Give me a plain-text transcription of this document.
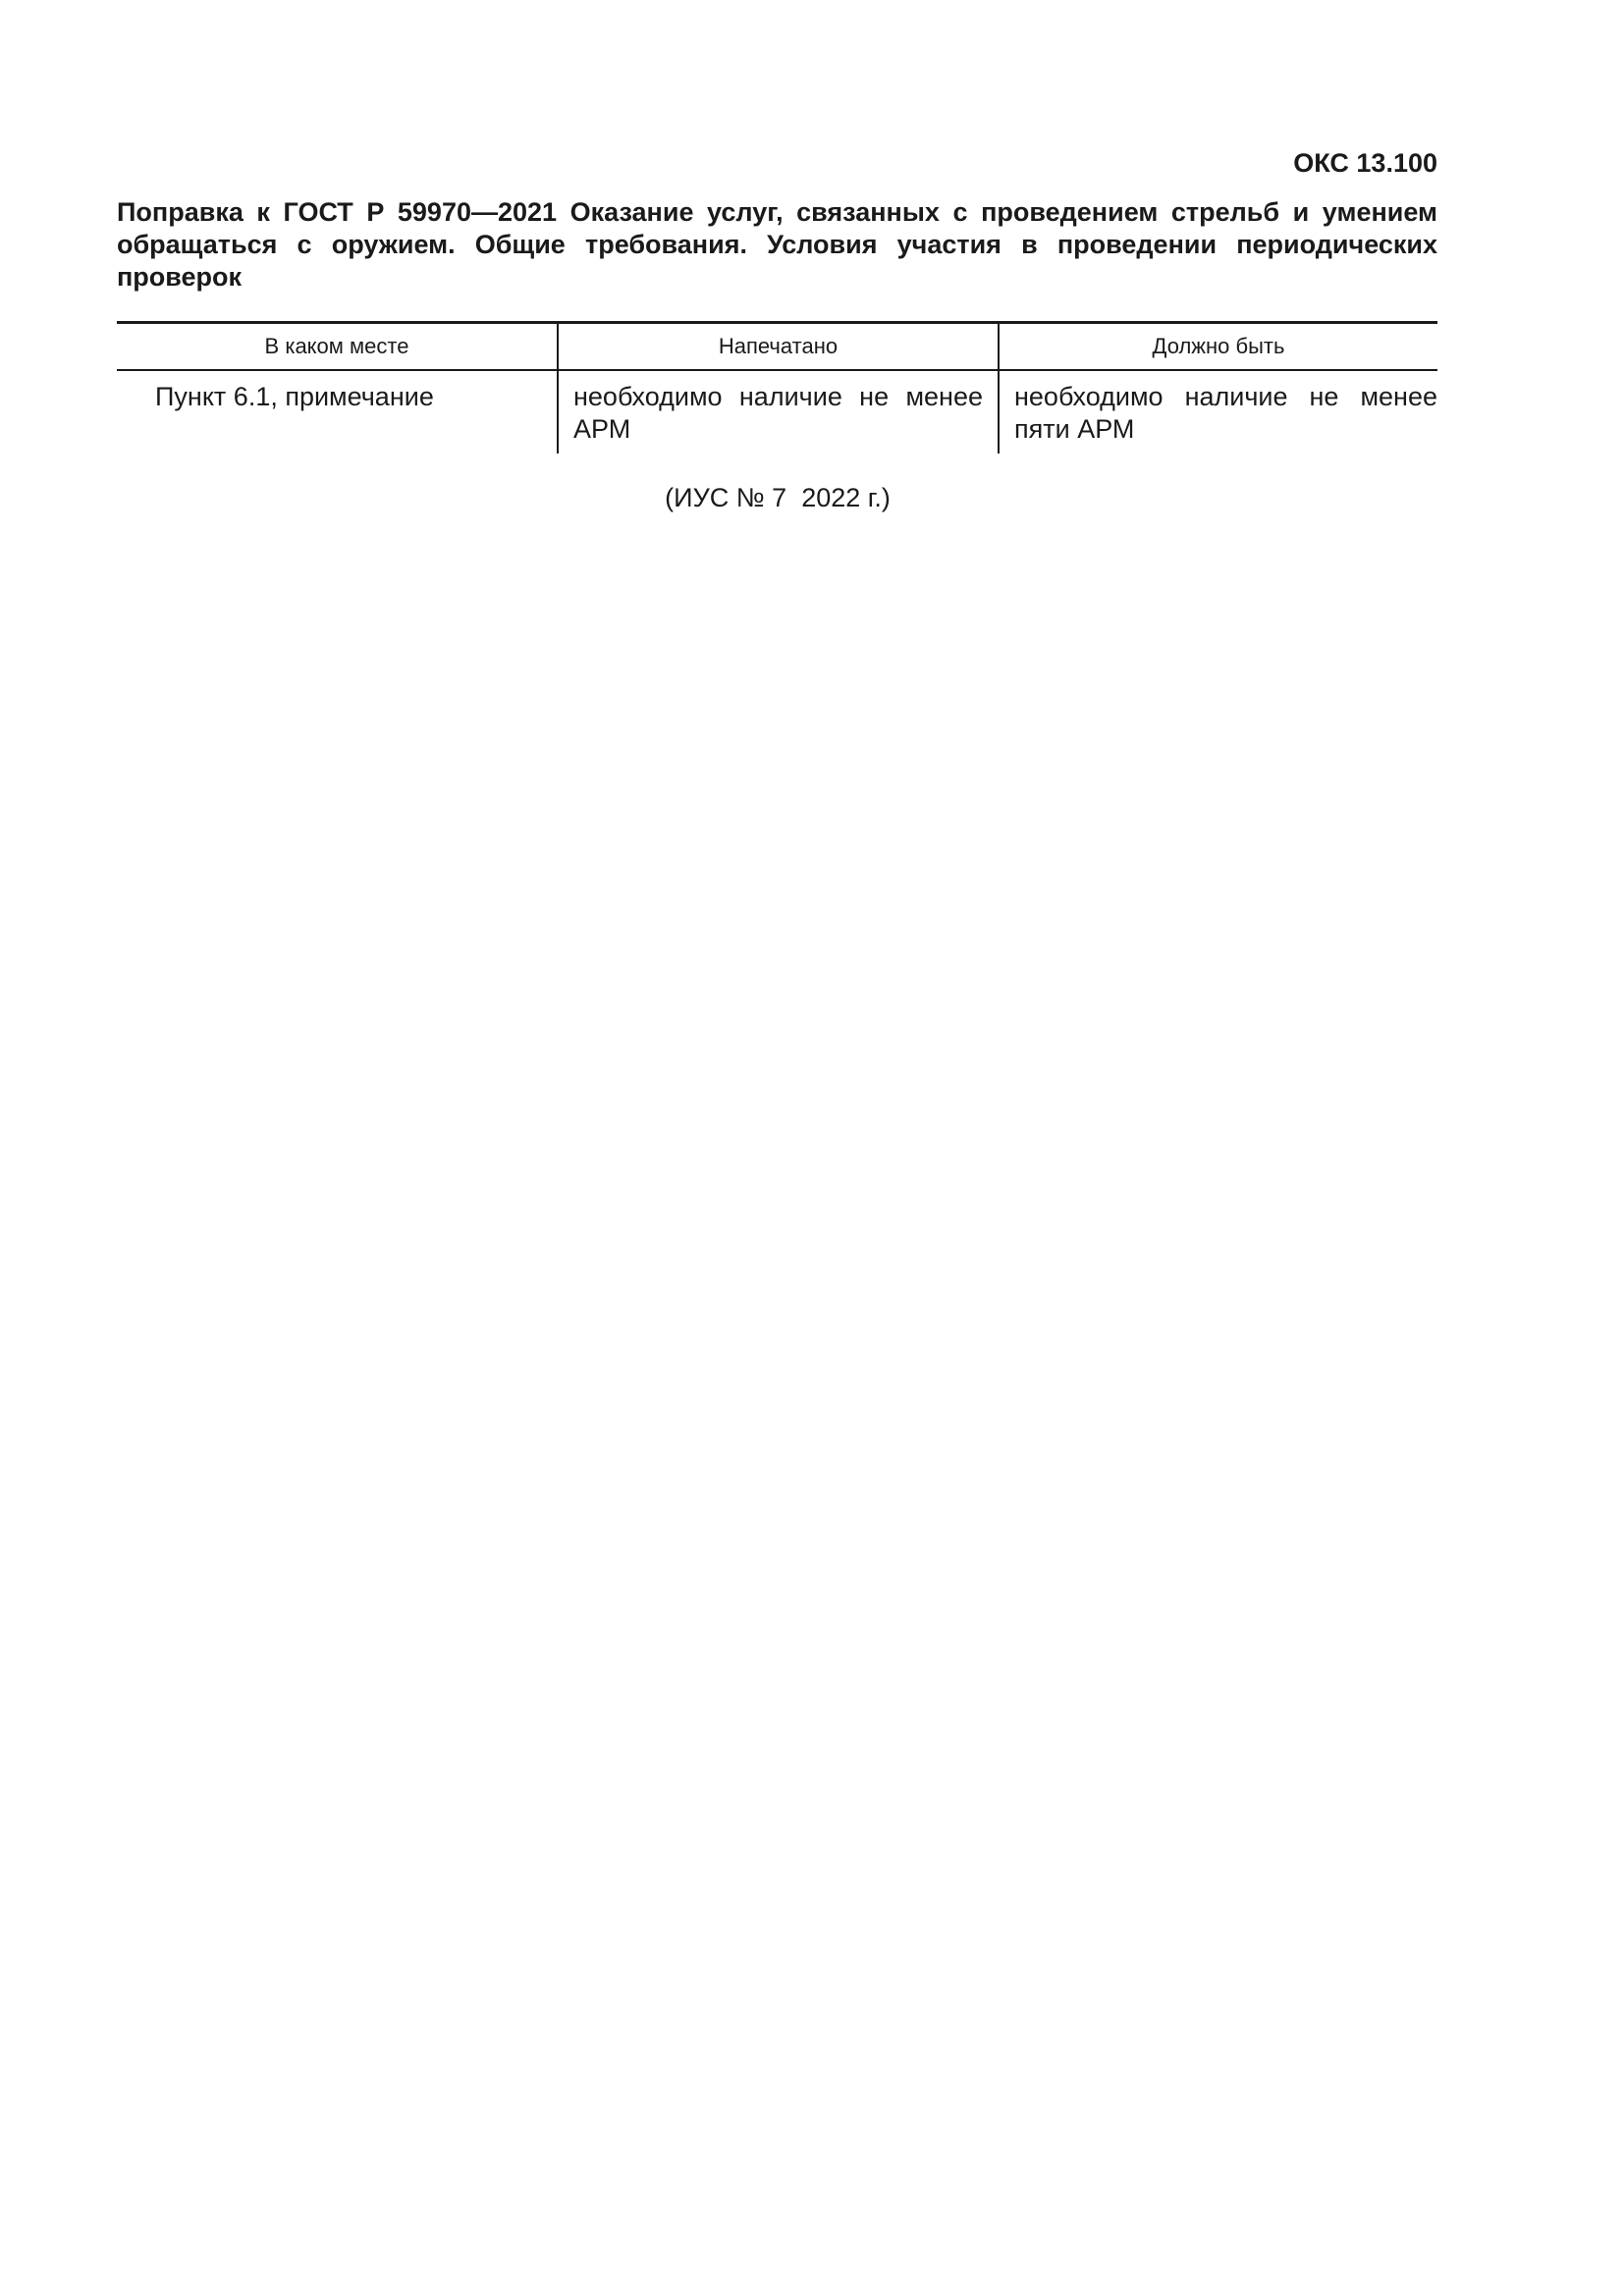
ОКС 13.100
Поправка к ГОСТ Р 59970—2021 Оказание услуг, связанных с проведением стрельб и умением обращаться с оружием. Общие требования. Условия участия в проведении периодических проверок
В каком месте	Напечатано	Должно быть
Пункт 6.1, примечание	необходимо наличие не менее АРМ	необходимо наличие не менее пяти АРМ
(ИУС № 7  2022 г.)
